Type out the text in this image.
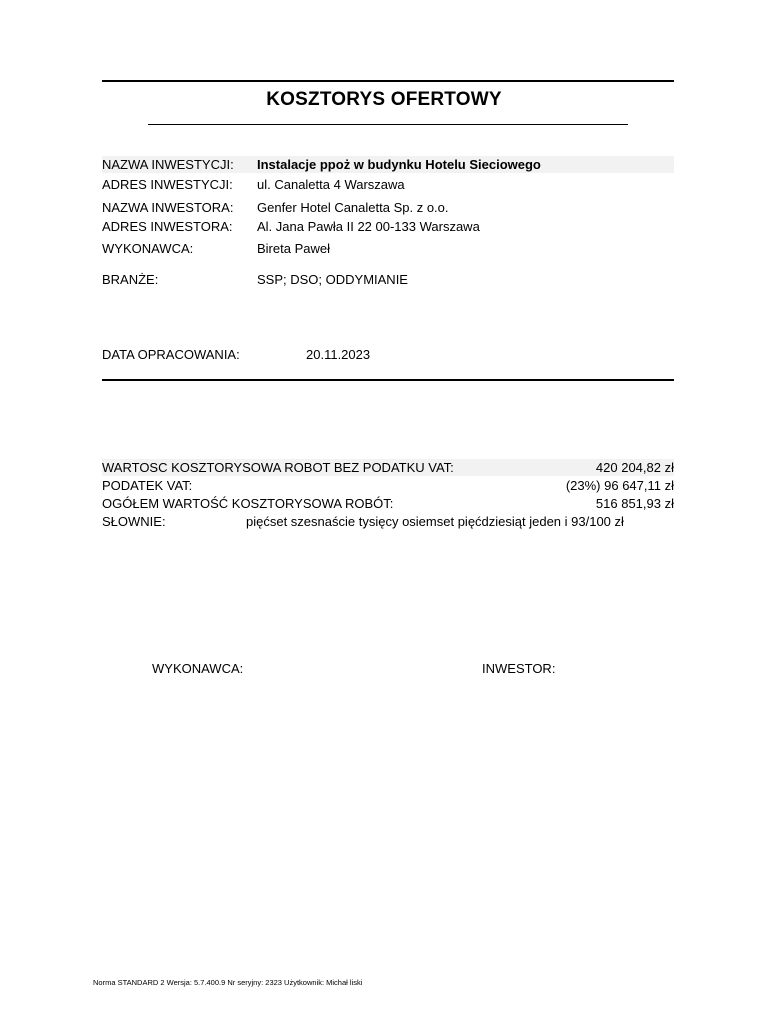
KOSZTORYS OFERTOWY
NAZWA INWESTYCJI: Instalacje ppoż w budynku Hotelu Sieciowego
ADRES INWESTYCJI: ul. Canaletta 4 Warszawa
NAZWA INWESTORA: Genfer Hotel Canaletta Sp. z o.o.
ADRES INWESTORA: Al. Jana Pawła II 22 00-133 Warszawa
WYKONAWCA:	Bireta Paweł
BRANŻE:	SSP; DSO; ODDYMIANIE
DATA OPRACOWANIA:	20.11.2023
WARTOSC KOSZTORYSOWA ROBOT BEZ PODATKU VAT:	420 204,82 zł
PODATEK VAT:	(23%) 96 647,11 zł
OGÓŁEM WARTOŚĆ KOSZTORYSOWA ROBÓT:	516 851,93 zł
SŁOWNIE:	pięćset szesnaście tysięcy osiemset pięćdziesiąt jeden i 93/100 zł
WYKONAWCA:	INWESTOR:
Norma STANDARD 2 Wersja: 5.7.400.9 Nr seryjny: 2323 Użytkownik: Michał lis​ki
